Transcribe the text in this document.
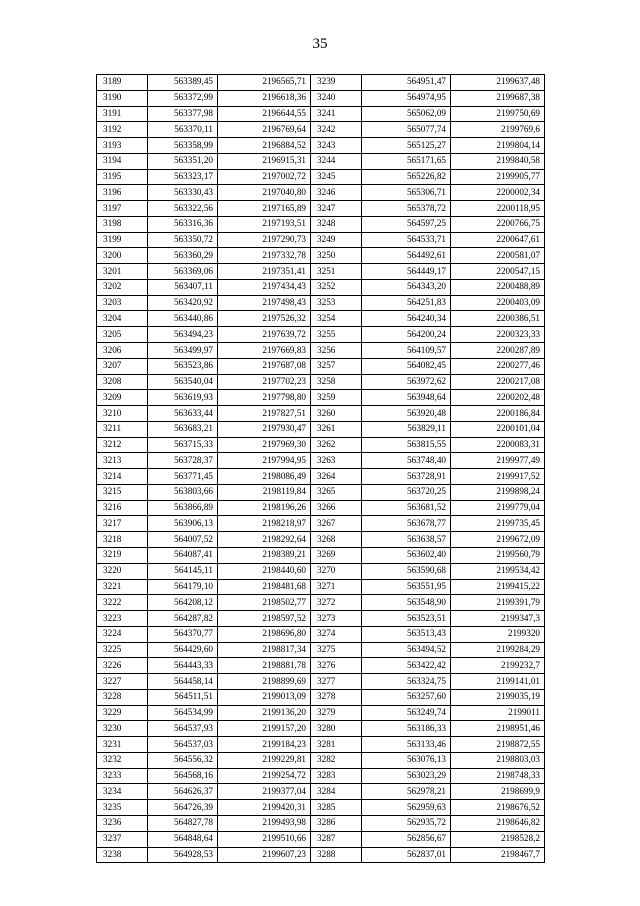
35
3189	563389,45	2196565,71	3239	564951,47	2199637,48
3190	563372,99	2196618,36	3240	564974,95	2199687,38
3191	563377,98	2196644,55	3241	565062,09	2199750,69
3192	563370,11	2196769,64	3242	565077,74	2199769,6
3193	563358,99	2196884,52	3243	565125,27	2199804,14
3194	563351,20	2196915,31	3244	565171,65	2199840,58
3195	563323,17	2197002,72	3245	565226,82	2199905,77
3196	563330,43	2197040,80	3246	565306,71	2200002,34
3197	563322,56	2197165,89	3247	565378,72	2200118,95
3198	563316,36	2197193,51	3248	564597,25	2200766,75
3199	563350,72	2197290,73	3249	564533,71	2200647,61
3200	563360,29	2197332,78	3250	564492,61	2200581,07
3201	563369,06	2197351,41	3251	564449,17	2200547,15
3202	563407,11	2197434,43	3252	564343,20	2200488,89
3203	563420,92	2197498,43	3253	564251,83	2200403,09
3204	563440,86	2197526,32	3254	564240,34	2200386,51
3205	563494,23	2197639,72	3255	564200,24	2200323,33
3206	563499,97	2197669,83	3256	564109,57	2200287,89
3207	563523,86	2197687,08	3257	564082,45	2200277,46
3208	563540,04	2197702,23	3258	563972,62	2200217,08
3209	563619,93	2197798,80	3259	563948,64	2200202,48
3210	563633,44	2197827,51	3260	563920,48	2200186,84
3211	563683,21	2197930,47	3261	563829,11	2200101,04
3212	563715,33	2197969,30	3262	563815,55	2200083,31
3213	563728,37	2197994,95	3263	563748,40	2199977,49
3214	563771,45	2198086,49	3264	563728,91	2199917,52
3215	563803,66	2198119,84	3265	563720,25	2199898,24
3216	563866,89	2198196,26	3266	563681,52	2199779,04
3217	563906,13	2198218,97	3267	563678,77	2199735,45
3218	564007,52	2198292,64	3268	563638,57	2199672,09
3219	564087,41	2198389,21	3269	563602,40	2199560,79
3220	564145,11	2198440,60	3270	563590,68	2199534,42
3221	564179,10	2198481,68	3271	563551,95	2199415,22
3222	564208,12	2198502,77	3272	563548,90	2199391,79
3223	564287,82	2198597,52	3273	563523,51	2199347,3
3224	564370,77	2198696,80	3274	563513,43	2199320
3225	564429,60	2198817,34	3275	563494,52	2199284,29
3226	564443,33	2198881,78	3276	563422,42	2199232,7
3227	564458,14	2198899,69	3277	563324,75	2199141,01
3228	564511,51	2199013,09	3278	563257,60	2199035,19
3229	564534,99	2199136,20	3279	563249,74	2199011
3230	564537,93	2199157,20	3280	563186,33	2198951,46
3231	564537,03	2199184,23	3281	563133,46	2198872,55
3232	564556,32	2199229,81	3282	563076,13	2198803,03
3233	564568,16	2199254,72	3283	563023,29	2198748,33
3234	564626,37	2199377,04	3284	562978,21	2198699,9
3235	564726,39	2199420,31	3285	562959,63	2198676,52
3236	564827,78	2199493,98	3286	562935,72	2198646,82
3237	564848,64	2199510,66	3287	562856,67	2198528,2
3238	564928,53	2199607,23	3288	562837,01	2198467,7
